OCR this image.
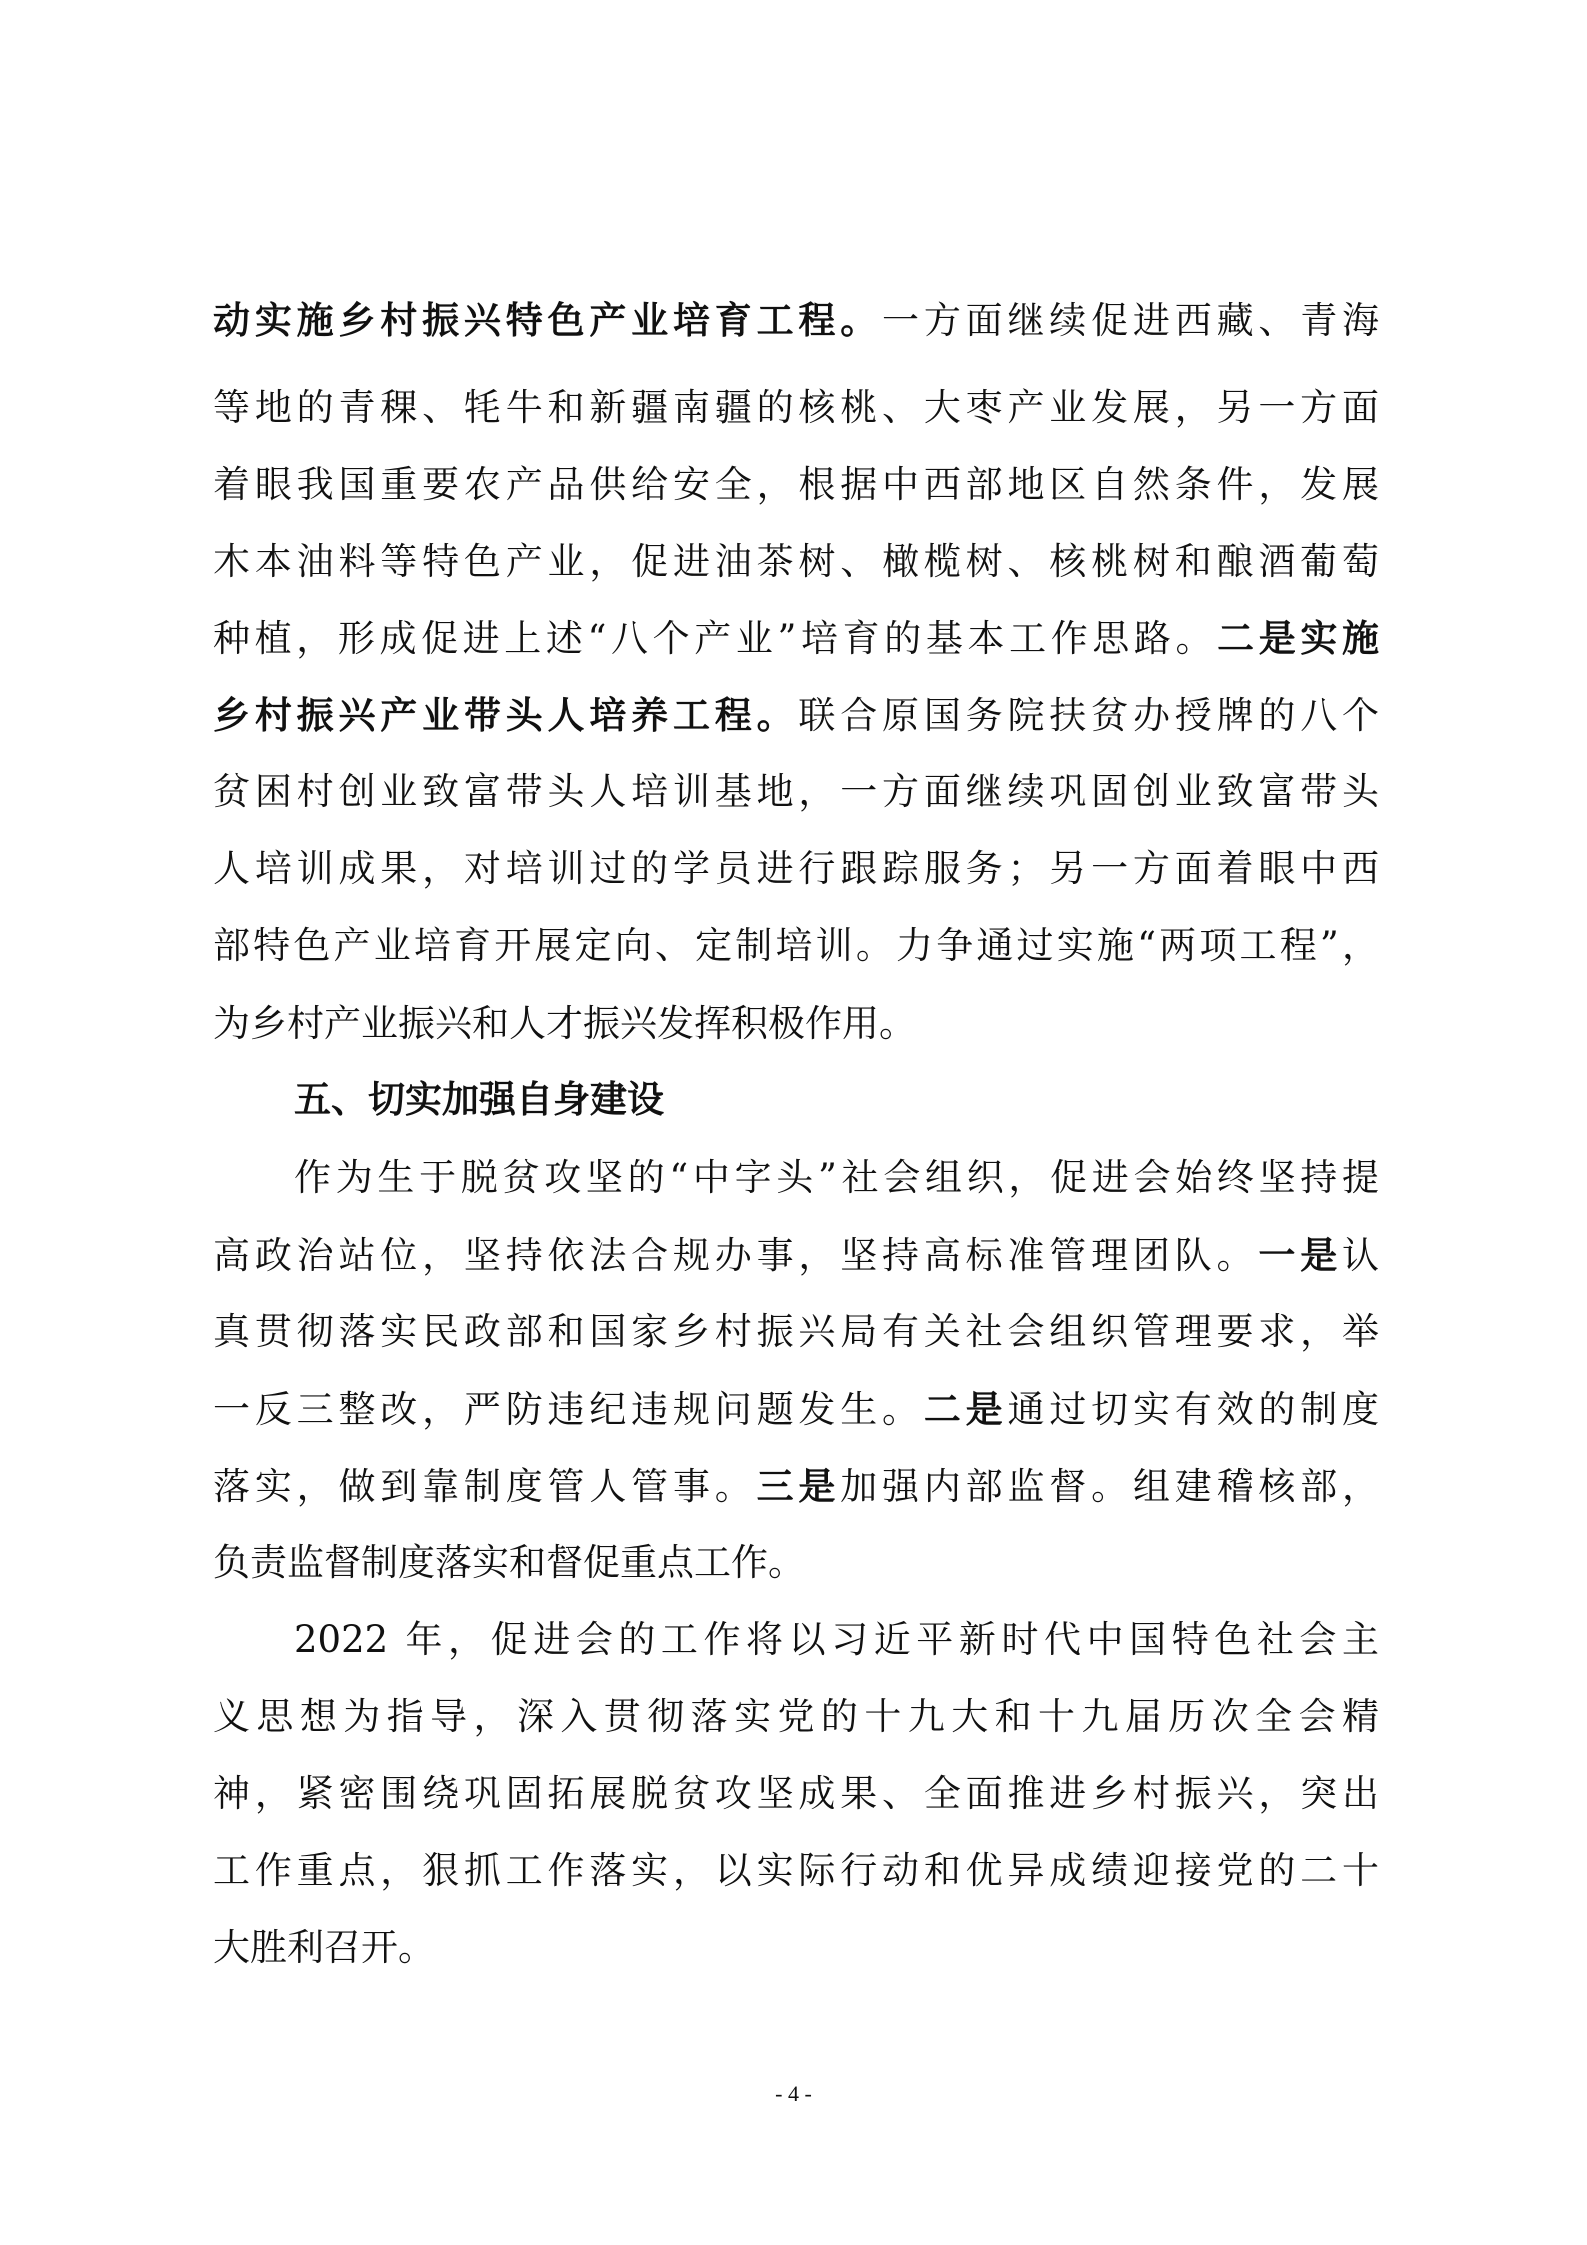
动实施乡村振兴特色产业培育工程。一方面继续促进西藏、青海
等地的青稞、牦牛和新疆南疆的核桃、大枣产业发展，另一方面
着眼我国重要农产品供给安全，根据中西部地区自然条件，发展
木本油料等特色产业，促进油茶树、橄榄树、核桃树和酿酒葡萄
种植，形成促进上述“八个产业”培育的基本工作思路。二是实施
乡村振兴产业带头人培养工程。联合原国务院扶贫办授牌的八个
贫困村创业致富带头人培训基地，一方面继续巩固创业致富带头
人培训成果，对培训过的学员进行跟踪服务；另一方面着眼中西
部特色产业培育开展定向、定制培训。力争通过实施“两项工程”，
为乡村产业振兴和人才振兴发挥积极作用。
五、切实加强自身建设
作为生于脱贫攻坚的“中字头”社会组织，促进会始终坚持提
高政治站位，坚持依法合规办事，坚持高标准管理团队。一是认
真贯彻落实民政部和国家乡村振兴局有关社会组织管理要求，举
一反三整改，严防违纪违规问题发生。二是通过切实有效的制度
落实，做到靠制度管人管事。三是加强内部监督。组建稽核部，
负责监督制度落实和督促重点工作。
2022 年，促进会的工作将以习近平新时代中国特色社会主
义思想为指导，深入贯彻落实党的十九大和十九届历次全会精
神，紧密围绕巩固拓展脱贫攻坚成果、全面推进乡村振兴，突出
工作重点，狠抓工作落实，以实际行动和优异成绩迎接党的二十
大胜利召开。
- 4 -
